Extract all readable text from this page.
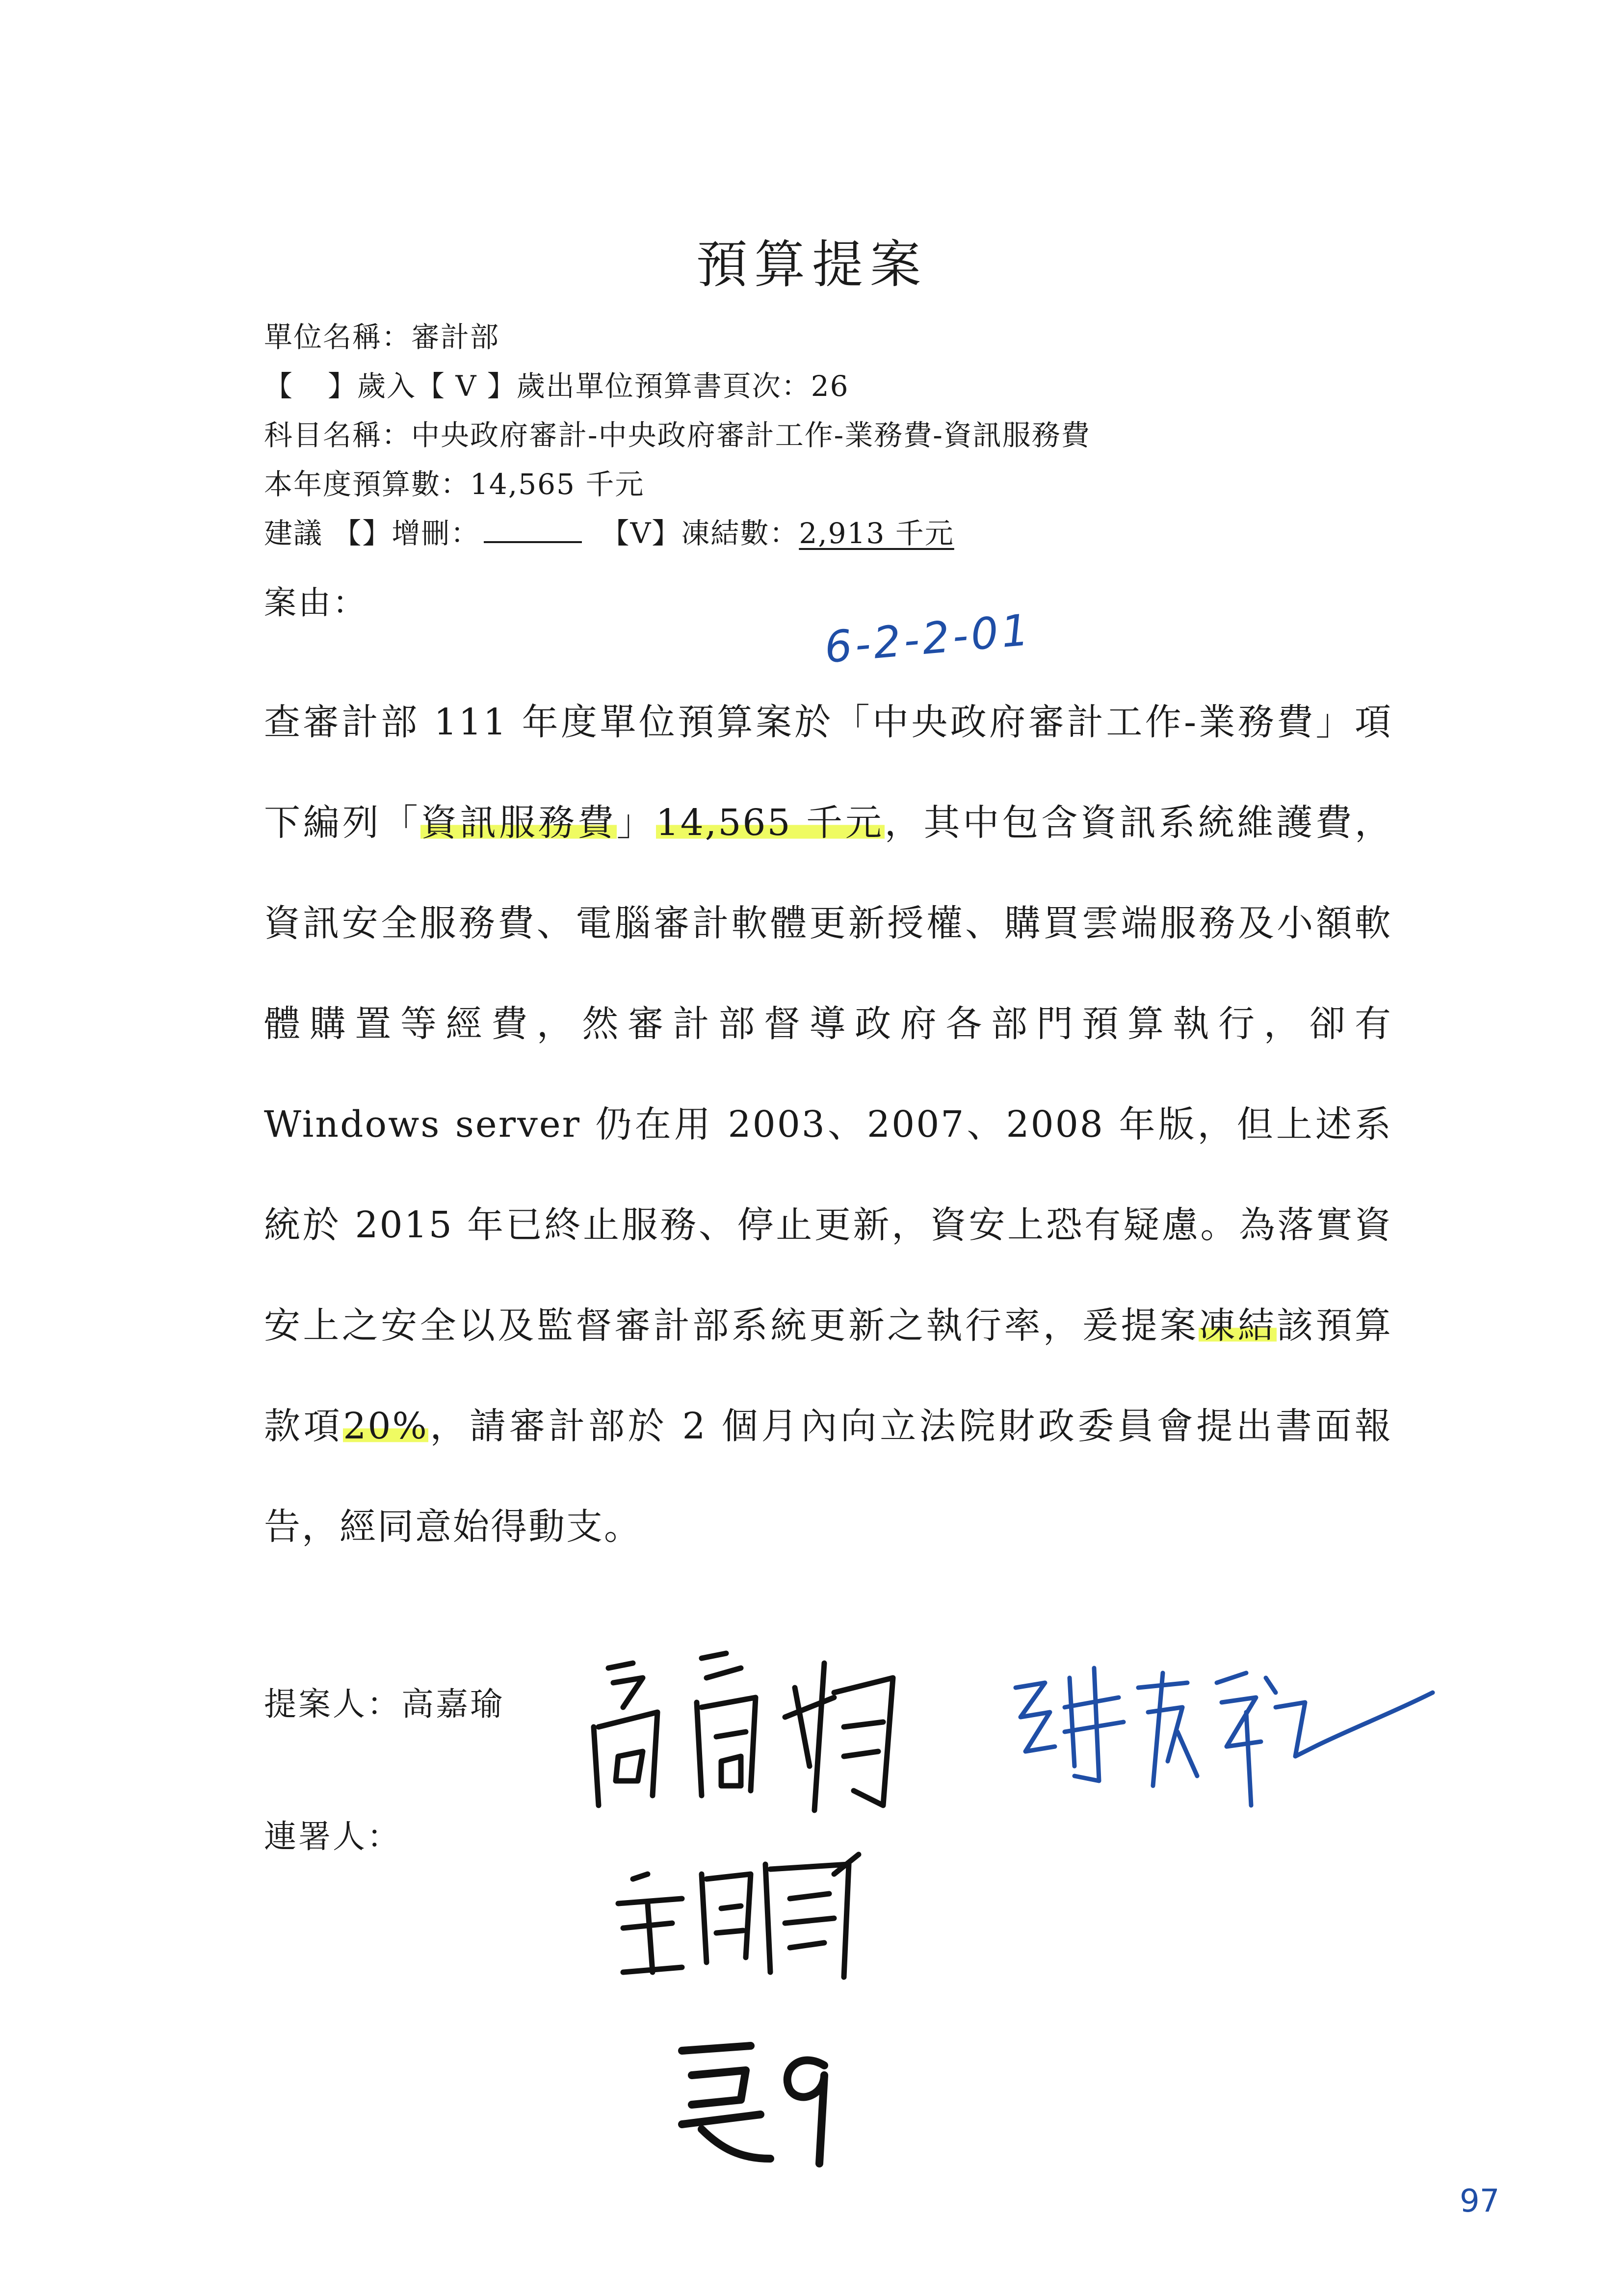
預算提案
單位名稱：審計部
【 】歲入【 V 】歲出單位預算書頁次：26
科目名稱：中央政府審計-中央政府審計工作-業務費-資訊服務費
本年度預算數：14,565 千元
建議 【】增刪：	【V】凍結數：2,913 千元
案由：
6-2-2-01

查審計部 111 年度單位預算案於「中央政府審計工作-業務費」項下編列「資訊服務費」14,565 千元，其中包含資訊系統維護費，資訊安全服務費、電腦審計軟體更新授權、購買雲端服務及小額軟體購置等經費，然審計部督導政府各部門預算執行，卻有 Windows server 仍在用 2003、2007、2008 年版，但上述系統於 2015 年已終止服務、停止更新，資安上恐有疑慮。為落實資安上之安全以及監督審計部系統更新之執行率，爰提案凍結該預算款項20%，請審計部於 2 個月內向立法院財政委員會提出書面報告，經同意始得動支。

提案人：高嘉瑜
連署人：
97
